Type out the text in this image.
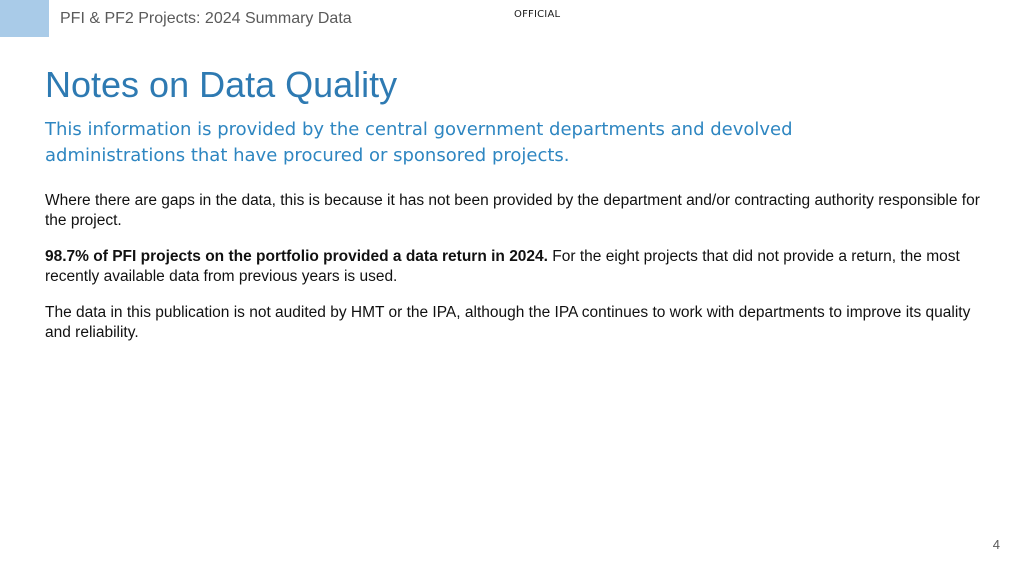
PFI & PF2 Projects: 2024 Summary Data	OFFICIAL
Notes on Data Quality

This information is provided by the central government departments and devolved administrations that have procured or sponsored projects.

Where there are gaps in the data, this is because it has not been provided by the department and/or contracting authority responsible for the project.

98.7% of PFI projects on the portfolio provided a data return in 2024. For the eight projects that did not provide a return, the most recently available data from previous years is used.

The data in this publication is not audited by HMT or the IPA, although the IPA continues to work with departments to improve its quality and reliability.

4
